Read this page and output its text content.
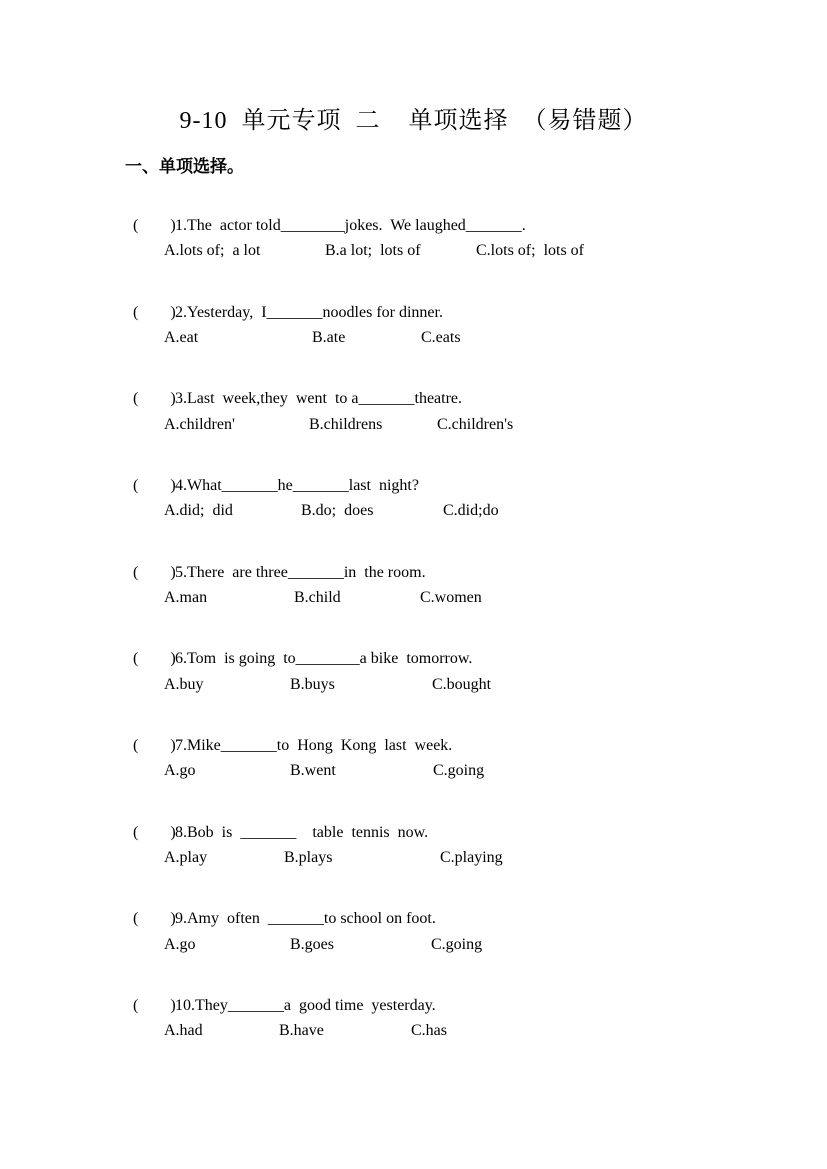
9-10  单元专项  二    单项选择  （易错题）
一、单项选择。

(        )1.The  actor told________jokes.  We laughed_______.

A.lots of;  a lot	B.a lot;  lots of	C.lots of;  lots of

(        )2.Yesterday,  I_______noodles for dinner.

A.eat	B.ate	C.eats

(        )3.Last  week,they  went  to a_______theatre.

A.children'	B.childrens	C.children's

(        )4.What_______he_______last  night?

A.did;  did	B.do;  does	C.did;do

(        )5.There  are three_______in  the room.

A.man	B.child	C.women

(        )6.Tom  is going  to________a bike  tomorrow.

A.buy	B.buys	C.bought

(        )7.Mike_______to  Hong  Kong  last  week.

A.go	B.went	C.going

(        )8.Bob  is  _______    table  tennis  now.

A.play	B.plays	C.playing

(        )9.Amy  often  _______to school on foot.

A.go	B.goes	C.going

(        )10.They_______a  good time  yesterday.

A.had	B.have	C.has
